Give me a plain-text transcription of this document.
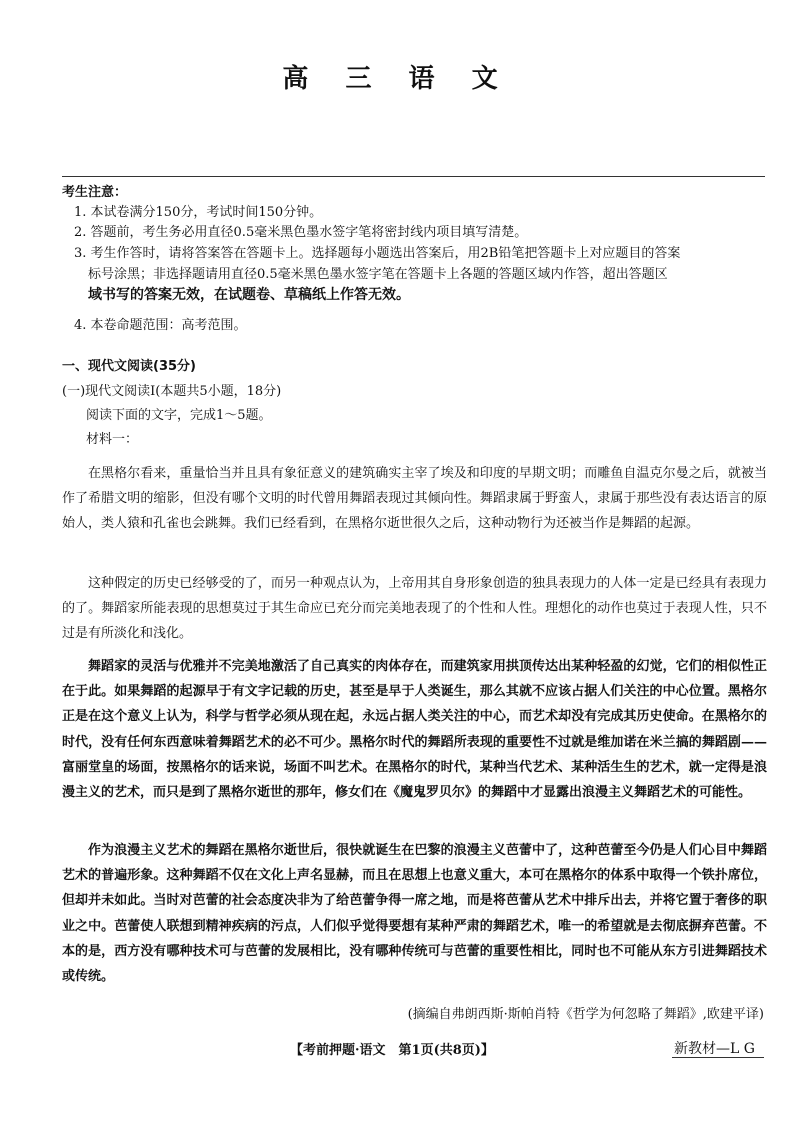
高 三 语 文
考生注意：
1. 本试卷满分150分，考试时间150分钟。
2. 答题前，考生务必用直径0.5毫米黑色墨水签字笔将密封线内项目填写清楚。
3. 考生作答时，请将答案答在答题卡上。选择题每小题选出答案后，用2B铅笔把答题卡上对应题目的答案
标号涂黑；非选择题请用直径0.5毫米黑色墨水签字笔在答题卡上各题的答题区域内作答，超出答题区
域书写的答案无效，在试题卷、草稿纸上作答无效。
4. 本卷命题范围：高考范围。
一、现代文阅读(35分)
(一)现代文阅读Ⅰ(本题共5小题，18分)
阅读下面的文字，完成1～5题。
材料一：
在黑格尔看来，重量恰当并且具有象征意义的建筑确实主宰了埃及和印度的早期文明；而雕鱼自温克尔曼之后，就被当作了希腊文明的缩影，但没有哪个文明的时代曾用舞蹈表现过其倾向性。舞蹈隶属于野蛮人，隶属于那些没有表达语言的原始人，类人猿和孔雀也会跳舞。我们已经看到，在黑格尔逝世很久之后，这种动物行为还被当作是舞蹈的起源。
这种假定的历史已经够受的了，而另一种观点认为，上帝用其自身形象创造的独具表现力的人体一定是已经具有表现力的了。舞蹈家所能表现的思想莫过于其生命应已充分而完美地表现了的个性和人性。理想化的动作也莫过于表现人性，只不过是有所淡化和浅化。
舞蹈家的灵活与优雅并不完美地激活了自己真实的肉体存在，而建筑家用拱顶传达出某种轻盈的幻觉，它们的相似性正在于此。如果舞蹈的起源早于有文字记载的历史，甚至是早于人类诞生，那么其就不应该占据人们关注的中心位置。黑格尔正是在这个意义上认为，科学与哲学必须从现在起，永远占据人类关注的中心，而艺术却没有完成其历史使命。在黑格尔的时代，没有任何东西意味着舞蹈艺术的必不可少。黑格尔时代的舞蹈所表现的重要性不过就是维加诺在米兰搞的舞蹈剧——富丽堂皇的场面，按黑格尔的话来说，场面不叫艺术。在黑格尔的时代，某种当代艺术、某种活生生的艺术，就一定得是浪漫主义的艺术，而只是到了黑格尔逝世的那年，修女们在《魔鬼罗贝尔》的舞蹈中才显露出浪漫主义舞蹈艺术的可能性。
作为浪漫主义艺术的舞蹈在黑格尔逝世后，很快就诞生在巴黎的浪漫主义芭蕾中了，这种芭蕾至今仍是人们心目中舞蹈艺术的普遍形象。这种舞蹈不仅在文化上声名显赫，而且在思想上也意义重大，本可在黑格尔的体系中取得一个铁扑席位，但却并未如此。当时对芭蕾的社会态度决非为了给芭蕾争得一席之地，而是将芭蕾从艺术中排斥出去，并将它置于奢侈的职业之中。芭蕾使人联想到精神疾病的污点，人们似乎觉得要想有某种严肃的舞蹈艺术，唯一的希望就是去彻底摒弃芭蕾。不本的是，西方没有哪种技术可与芭蕾的发展相比，没有哪种传统可与芭蕾的重要性相比，同时也不可能从东方引进舞蹈技术或传统。
(摘编自弗朗西斯·斯帕肖特《哲学为何忽略了舞蹈》,欧建平译)
【考前押题·语文　第1页(共8页)】	新教材—L G
